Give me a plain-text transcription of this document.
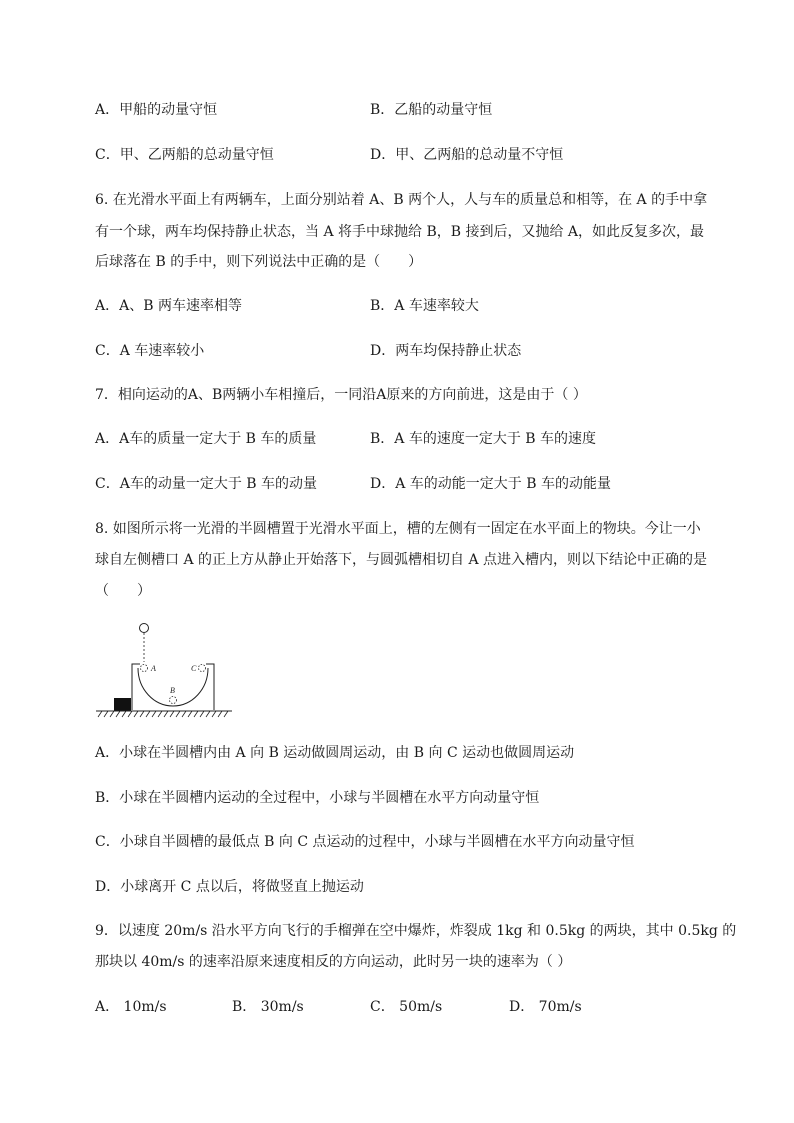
A．甲船的动量守恒	B．乙船的动量守恒
C．甲、乙两船的总动量守恒	D．甲、乙两船的总动量不守恒
6. 在光滑水平面上有两辆车，上面分别站着 A、B 两个人，人与车的质量总和相等，在 A 的手中拿
有一个球，两车均保持静止状态，当 A 将手中球抛给 B，B 接到后，又抛给 A，如此反复多次，最
后球落在 B 的手中，则下列说法中正确的是（　　）
A．A、B 两车速率相等	B．A 车速率较大
C．A 车速率较小	D．两车均保持静止状态
7．相向运动的A、B两辆小车相撞后，一同沿A原来的方向前进，这是由于（ ）
A．A车的质量一定大于 B 车的质量	B．A 车的速度一定大于 B 车的速度
C．A车的动量一定大于 B 车的动量	D．A 车的动能一定大于 B 车的动能量
8. 如图所示将一光滑的半圆槽置于光滑水平面上，槽的左侧有一固定在水平面上的物块。今让一小
球自左侧槽口 A 的正上方从静止开始落下，与圆弧槽相切自 A 点进入槽内，则以下结论中正确的是
（　　）
A
B
C
A．小球在半圆槽内由 A 向 B 运动做圆周运动，由 B 向 C 运动也做圆周运动
B．小球在半圆槽内运动的全过程中，小球与半圆槽在水平方向动量守恒
C．小球自半圆槽的最低点 B 向 C 点运动的过程中，小球与半圆槽在水平方向动量守恒
D．小球离开 C 点以后，将做竖直上抛运动
9．以速度 20m/s 沿水平方向飞行的手榴弹在空中爆炸，炸裂成 1kg 和 0.5kg 的两块，其中 0.5kg 的
那块以 40m/s 的速率沿原来速度相反的方向运动，此时另一块的速率为（ ）
A． 10m/s	B． 30m/s	C． 50m/s	D． 70m/s
